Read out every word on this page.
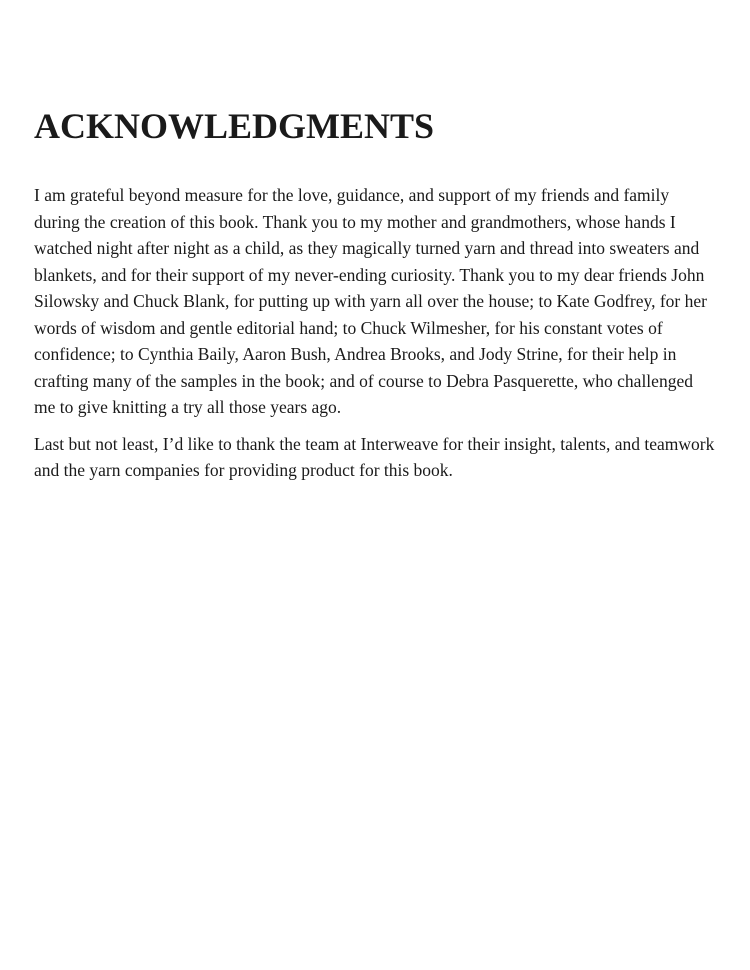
ACKNOWLEDGMENTS

I am grateful beyond measure for the love, guidance, and support of my friends and family during the creation of this book. Thank you to my mother and grandmothers, whose hands I watched night after night as a child, as they magically turned yarn and thread into sweaters and blankets, and for their support of my never-ending curiosity. Thank you to my dear friends John Silowsky and Chuck Blank, for putting up with yarn all over the house; to Kate Godfrey, for her words of wisdom and gentle editorial hand; to Chuck Wilmesher, for his constant votes of confidence; to Cynthia Baily, Aaron Bush, Andrea Brooks, and Jody Strine, for their help in crafting many of the samples in the book; and of course to Debra Pasquerette, who challenged me to give knitting a try all those years ago.

Last but not least, I’d like to thank the team at Interweave for their insight, talents, and teamwork and the yarn companies for providing product for this book.
